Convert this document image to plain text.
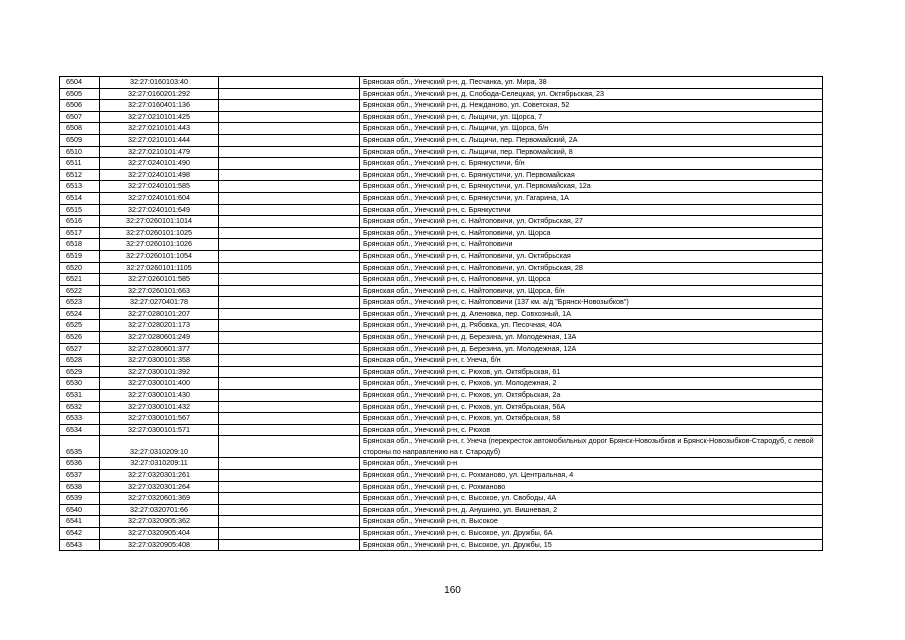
6504	32:27:0160103:40		Брянская обл., Унечский р-н, д. Песчанка, ул. Мира, 38
6505	32:27:0160201:292		Брянская обл., Унечский р-н, д. Слобода-Селецкая, ул. Октябрьская, 23
6506	32:27:0160401:136		Брянская обл., Унечский р-н, д. Нежданово, ул. Советская, 52
6507	32:27:0210101:425		Брянская обл., Унечский р-н, с. Лыщичи, ул. Щорса, 7
6508	32:27:0210101:443		Брянская обл., Унечский р-н, с. Лыщичи, ул. Щорса, б/н
6509	32:27:0210101:444		Брянская обл., Унечский р-н, с. Лыщичи, пер. Первомайский, 2А
6510	32:27:0210101:479		Брянская обл., Унечский р-н, с. Лыщичи, пер. Первомайский, 8
6511	32:27:0240101:490		Брянская обл., Унечский р-н, с. Брянкустичи, б/н
6512	32:27:0240101:498		Брянская обл., Унечский р-н, с. Брянкустичи, ул. Первомайская
6513	32:27:0240101:585		Брянская обл., Унечский р-н, с. Брянкустичи, ул. Первомайская, 12а
6514	32:27:0240101:604		Брянская обл., Унечский р-н, с. Брянкустичи, ул. Гагарина, 1А
6515	32:27:0240101:649		Брянская обл., Унечский р-н, с. Брянкустичи
6516	32:27:0260101:1014		Брянская обл., Унечский р-н, с. Найтоповичи, ул. Октябрьская, 27
6517	32:27:0260101:1025		Брянская обл., Унечский р-н, с. Найтоповичи, ул. Щорса
6518	32:27:0260101:1026		Брянская обл., Унечский р-н, с. Найтоповичи
6519	32:27:0260101:1054		Брянская обл., Унечский р-н, с. Найтоповичи, ул. Октябрьская
6520	32:27:0260101:1105		Брянская обл., Унечский р-н, с. Найтоповичи, ул. Октябрьская, 28
6521	32:27:0260101:585		Брянская обл., Унечский р-н, с. Найтоповичи, ул. Щорса
6522	32:27:0260101:663		Брянская обл., Унечский р-н, с. Найтоповичи, ул. Щорса, б/н
6523	32:27:0270401:78		Брянская обл., Унечский р-н, с. Найтоповичи (137 км. а/д "Брянск-Новозыбков")
6524	32:27:0280101:207		Брянская обл., Унечский р-н, д. Аленовка, пер. Совхозный, 1А
6525	32:27:0280201:173		Брянская обл., Унечский р-н, д. Рябовка, ул. Песочная, 40А
6526	32:27:0280601:249		Брянская обл., Унечский р-н, д. Березина, ул. Молодежная, 13А
6527	32:27:0280601:377		Брянская обл., Унечский р-н, д. Березина, ул. Молодежная, 12А
6528	32:27:0300101:358		Брянская обл., Унечский р-н, г. Унеча, б/н
6529	32:27:0300101:392		Брянская обл., Унечский р-н, с. Рюхов, ул. Октябрьская, 61
6530	32:27:0300101:400		Брянская обл., Унечский р-н, с. Рюхов, ул. Молодежная, 2
6531	32:27:0300101:430		Брянская обл., Унечский р-н, с. Рюхов, ул. Октябрьская, 2а
6532	32:27:0300101:432		Брянская обл., Унечский р-н, с. Рюхов, ул. Октябрьская, 56А
6533	32:27:0300101:567		Брянская обл., Унечский р-н, с. Рюхов, ул. Октябрьская, 58
6534	32:27:0300101:571		Брянская обл., Унечский р-н, с. Рюхов
6535	32:27:0310209:10		Брянская обл., Унечский р-н, г. Унеча (перекресток автомобильных дорог Брянск-Новозыбков и Брянск-Новозыбков-Стародуб, с левой стороны по направлению на г. Стародуб)
6536	32:27:0310209:11		Брянская обл., Унечский р-н
6537	32:27:0320301:261		Брянская обл., Унечский р-н, с. Рохманово, ул. Центральная, 4
6538	32:27:0320301:264		Брянская обл., Унечский р-н, с. Рохманово
6539	32:27:0320601:369		Брянская обл., Унечский р-н, с. Высокое, ул. Свободы, 4А
6540	32:27:0320701:66		Брянская обл., Унечский р-н, д. Анушино, ул. Вишневая, 2
6541	32:27:0320905:362		Брянская обл., Унечский р-н, п. Высокое
6542	32:27:0320905:404		Брянская обл., Унечский р-н, с. Высокое, ул. Дружбы, 6А
6543	32:27:0320905:408		Брянская обл., Унечский р-н, с. Высокое, ул. Дружбы, 15
160
